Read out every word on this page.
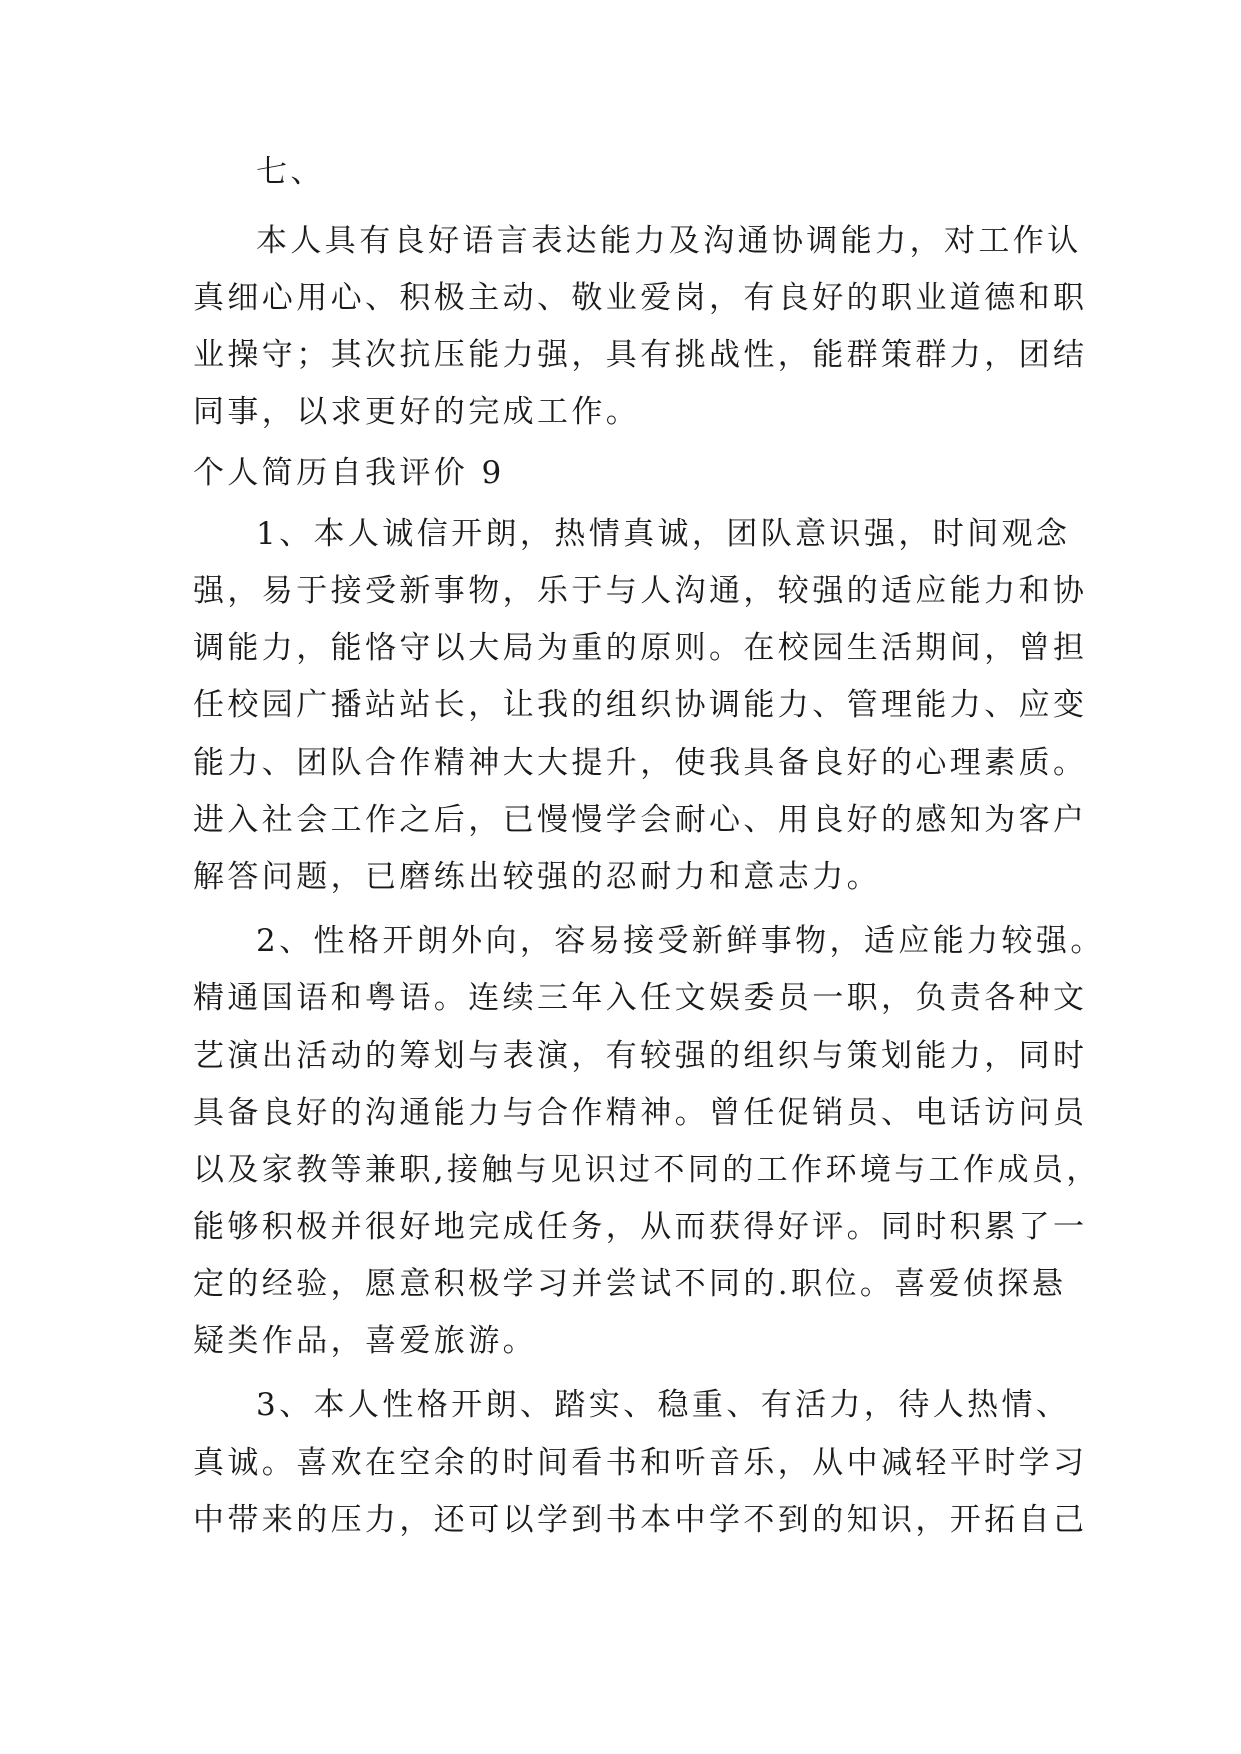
七、
本人具有良好语言表达能力及沟通协调能力，对工作认
真细心用心、积极主动、敬业爱岗，有良好的职业道德和职
业操守；其次抗压能力强，具有挑战性，能群策群力，团结
同事，以求更好的完成工作。
个人简历自我评价 9
1、本人诚信开朗，热情真诚，团队意识强，时间观念
强，易于接受新事物，乐于与人沟通，较强的适应能力和协
调能力，能恪守以大局为重的原则。在校园生活期间，曾担
任校园广播站站长，让我的组织协调能力、管理能力、应变
能力、团队合作精神大大提升，使我具备良好的心理素质。
进入社会工作之后，已慢慢学会耐心、用良好的感知为客户
解答问题，已磨练出较强的忍耐力和意志力。
2、性格开朗外向，容易接受新鲜事物，适应能力较强。
精通国语和粤语。连续三年入任文娱委员一职，负责各种文
艺演出活动的筹划与表演，有较强的组织与策划能力，同时
具备良好的沟通能力与合作精神。曾任促销员、电话访问员
以及家教等兼职,接触与见识过不同的工作环境与工作成员，
能够积极并很好地完成任务，从而获得好评。同时积累了一
定的经验，愿意积极学习并尝试不同的.职位。喜爱侦探悬
疑类作品，喜爱旅游。
3、本人性格开朗、踏实、稳重、有活力，待人热情、
真诚。喜欢在空余的时间看书和听音乐，从中减轻平时学习
中带来的压力，还可以学到书本中学不到的知识，开拓自己
